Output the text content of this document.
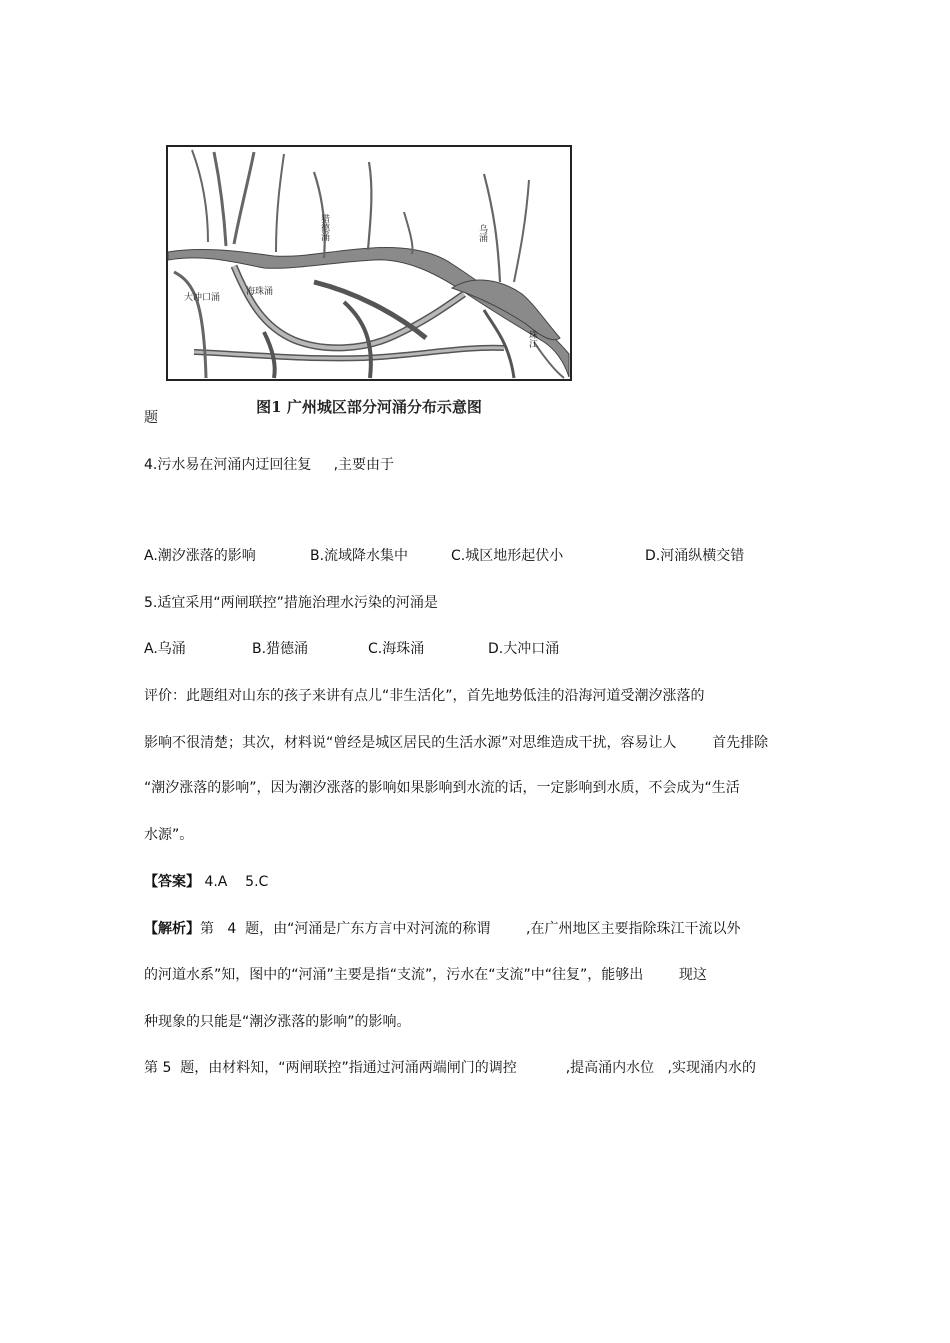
猎德涌	乌涌
大冲口涌
海珠涌
珠江
图1 广州城区部分河涌分布示意图
题
4.污水易在河涌内迂回往复     ,主要由于
A.潮汐涨落的影响	B.流域降水集中	C.城区地形起伏小	D.河涌纵横交错
5.适宜采用“两闸联控”措施治理水污染的河涌是
A.乌涌	B.猎德涌	C.海珠涌	D.大冲口涌
评价：此题组对山东的孩子来讲有点儿“非生活化”，首先地势低洼的沿海河道受潮汐涨落的
影响不很清楚；其次，材料说“曾经是城区居民的生活水源”对思维造成干扰，容易让人        首先排除
“潮汐涨落的影响”，因为潮汐涨落的影响如果影响到水流的话，一定影响到水质，不会成为“生活
水源”。
【答案】 4.A    5.C
【解析】第   4  题，由“河涌是广东方言中对河流的称谓        ,在广州地区主要指除珠江干流以外
的河道水系”知，图中的“河涌”主要是指“支流”，污水在“支流”中“往复”，能够出        现这
种现象的只能是“潮汐涨落的影响”的影响。
第 5  题，由材料知，“两闸联控”指通过河涌两端闸门的调控           ,提高涌内水位   ,实现涌内水的
